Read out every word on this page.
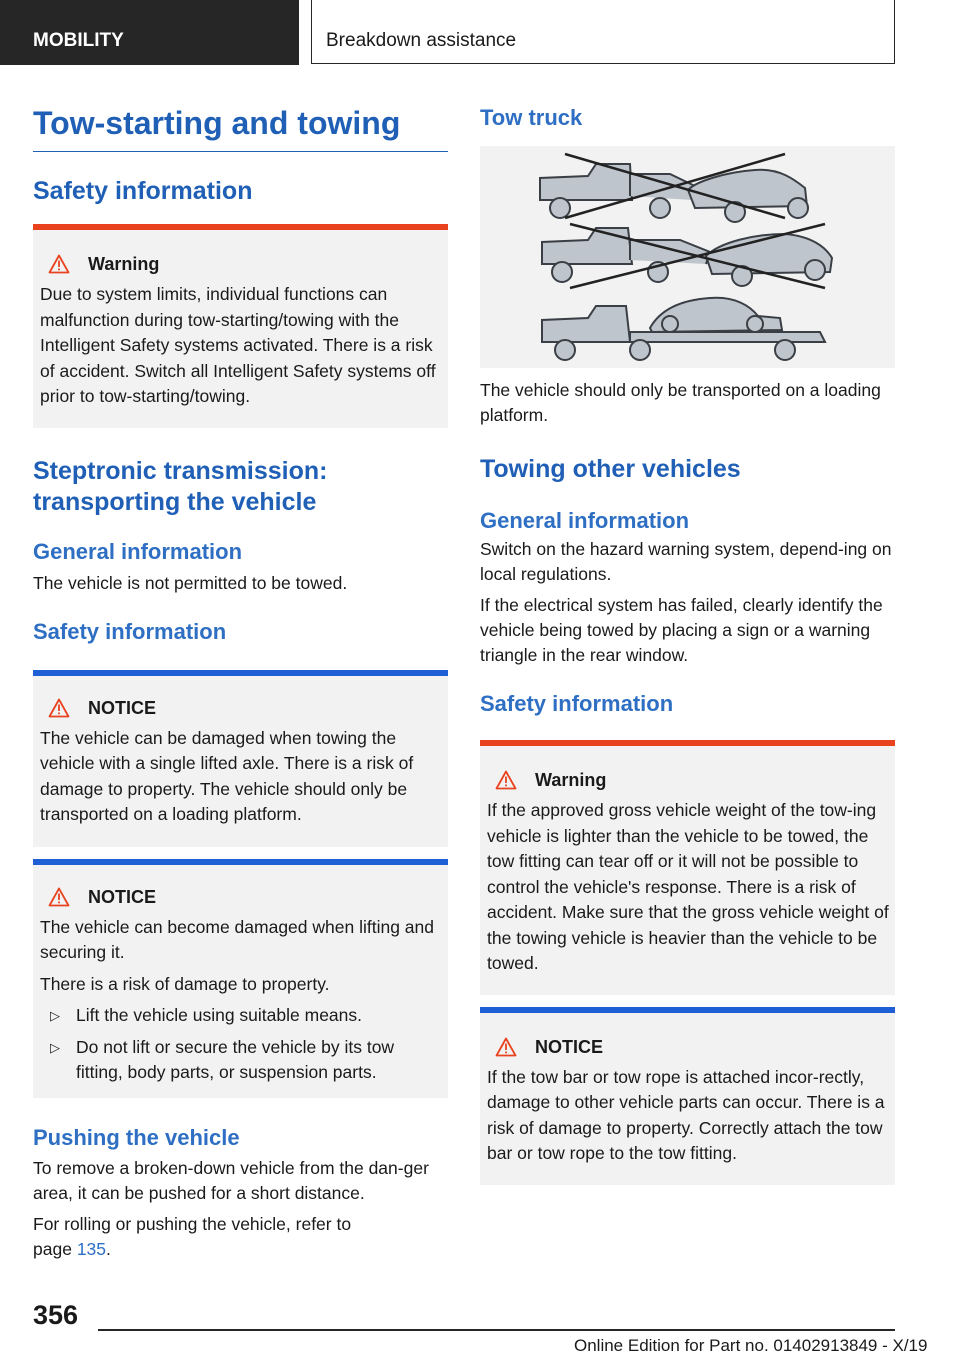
MOBILITY	Breakdown assistance
Tow-starting and towing
Safety information
Warning

Due to system limits, individual functions can malfunction during tow-starting/towing with the Intelligent Safety systems activated. There is a risk of accident. Switch all Intelligent Safety systems off prior to tow-starting/towing.

Steptronic transmission: transporting the vehicle
General information

The vehicle is not permitted to be towed.

Safety information
NOTICE

The vehicle can be damaged when towing the vehicle with a single lifted axle. There is a risk of damage to property. The vehicle should only be transported on a loading platform.

NOTICE

The vehicle can become damaged when lifting and securing it.

There is a risk of damage to property.

▷ Lift the vehicle using suitable means.
▷ Do not lift or secure the vehicle by its tow fitting, body parts, or suspension parts.
Pushing the vehicle

To remove a broken-down vehicle from the dan-ger area, it can be pushed for a short distance.

For rolling or pushing the vehicle, refer to page 135.

Tow truck

The vehicle should only be transported on a loading platform.

Towing other vehicles
General information

Switch on the hazard warning system, depend-ing on local regulations.

If the electrical system has failed, clearly identify the vehicle being towed by placing a sign or a warning triangle in the rear window.

Safety information
Warning

If the approved gross vehicle weight of the tow-ing vehicle is lighter than the vehicle to be towed, the tow fitting can tear off or it will not be possible to control the vehicle's response. There is a risk of accident. Make sure that the gross vehicle weight of the towing vehicle is heavier than the vehicle to be towed.

NOTICE

If the tow bar or tow rope is attached incor-rectly, damage to other vehicle parts can occur. There is a risk of damage to property. Correctly attach the tow bar or tow rope to the tow fitting.

356
Online Edition for Part no. 01402913849 - X/19
